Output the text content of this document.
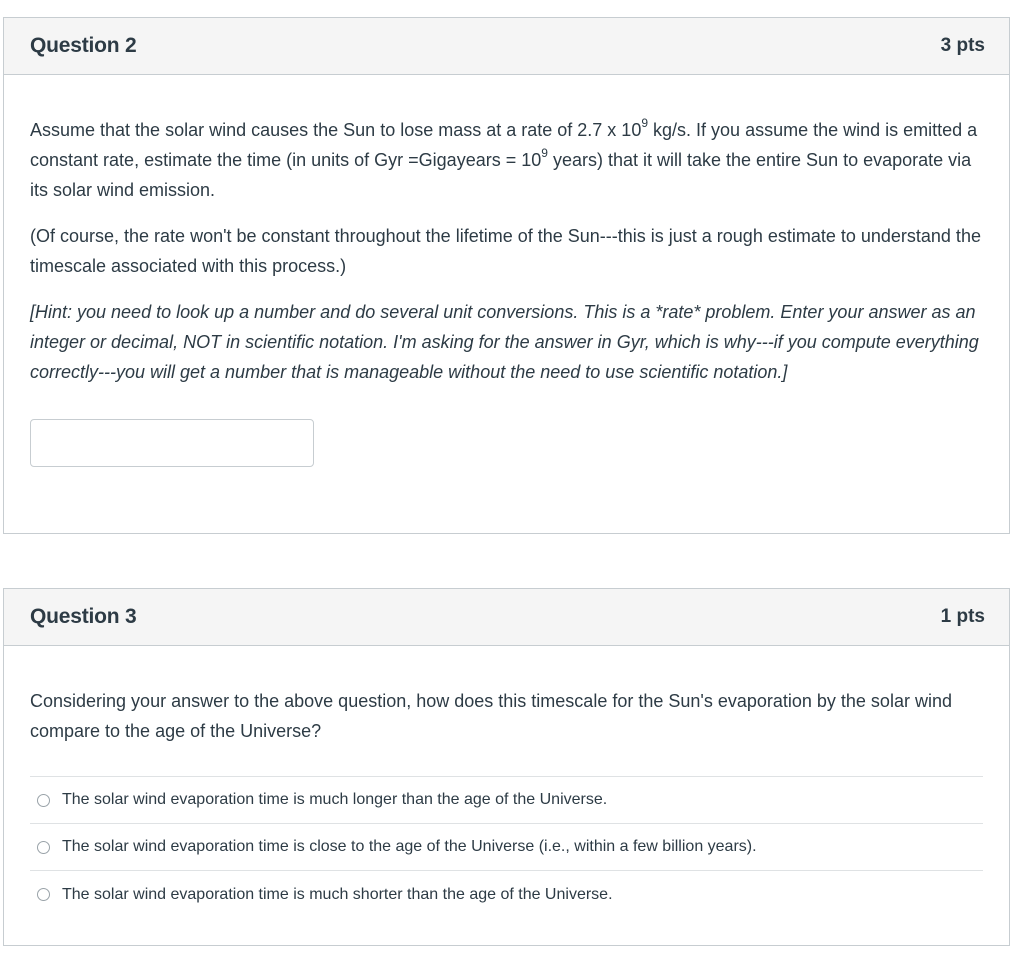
Question 2	3 pts

Assume that the solar wind causes the Sun to lose mass at a rate of 2.7 x $10^9$ kg/s. If you assume the wind is emitted a constant rate, estimate the time (in units of Gyr =Gigayears = $10^9$ years) that it will take the entire Sun to evaporate via its solar wind emission.

(Of course, the rate won't be constant throughout the lifetime of the Sun---this is just a rough estimate to understand the timescale associated with this process.)

[Hint: you need to look up a number and do several unit conversions. This is a *rate* problem. Enter your answer as an integer or decimal, NOT in scientific notation. I'm asking for the answer in Gyr, which is why---if you compute everything correctly---you will get a number that is manageable without the need to use scientific notation.]

Question 3	1 pts

Considering your answer to the above question, how does this timescale for the Sun's evaporation by the solar wind compare to the age of the Universe?

The solar wind evaporation time is much longer than the age of the Universe.
The solar wind evaporation time is close to the age of the Universe (i.e., within a few billion years).
The solar wind evaporation time is much shorter than the age of the Universe.
